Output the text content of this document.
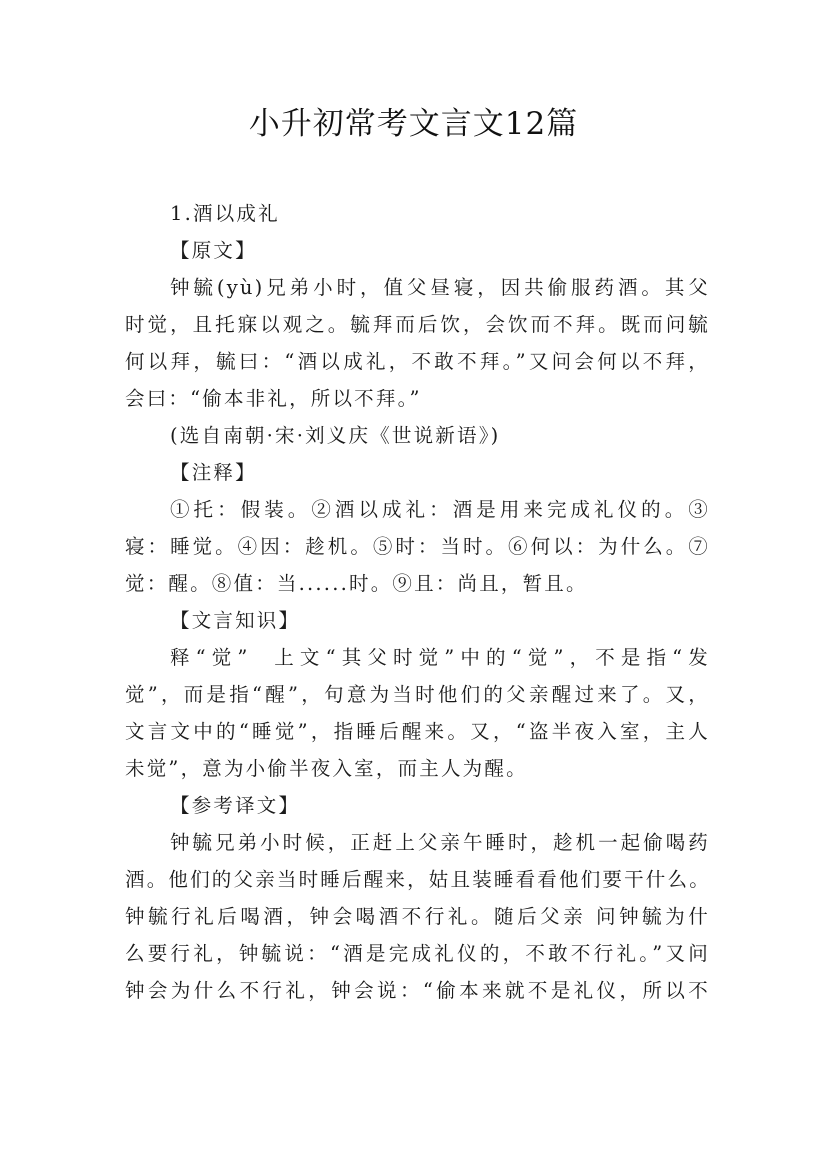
小升初常考文言文12篇
1.酒以成礼
【原文】
钟毓(yù)兄弟小时，值父昼寝，因共偷服药酒。其父
时觉，且托寐以观之。毓拜而后饮，会饮而不拜。既而问毓
何以拜，毓曰：“酒以成礼，不敢不拜。”又问会何以不拜，
会曰：“偷本非礼，所以不拜。”
(选自南朝·宋·刘义庆《世说新语》)
【注释】
①托：假装。②酒以成礼：酒是用来完成礼仪的。③
寝：睡觉。④因：趁机。⑤时：当时。⑥何以：为什么。⑦
觉：醒。⑧值：当......时。⑨且：尚且，暂且。
【文言知识】
释“觉”  上文“其父时觉”中的“觉”，不是指“发
觉”，而是指“醒”，句意为当时他们的父亲醒过来了。又，
文言文中的“睡觉”，指睡后醒来。又，“盗半夜入室，主人
未觉”，意为小偷半夜入室，而主人为醒。
【参考译文】
钟毓兄弟小时候，正赶上父亲午睡时，趁机一起偷喝药
酒。他们的父亲当时睡后醒来，姑且装睡看看他们要干什么。
钟毓行礼后喝酒，钟会喝酒不行礼。随后父亲 问钟毓为什
么要行礼，钟毓说：“酒是完成礼仪的，不敢不行礼。”又问
钟会为什么不行礼，钟会说：“偷本来就不是礼仪，所以不
